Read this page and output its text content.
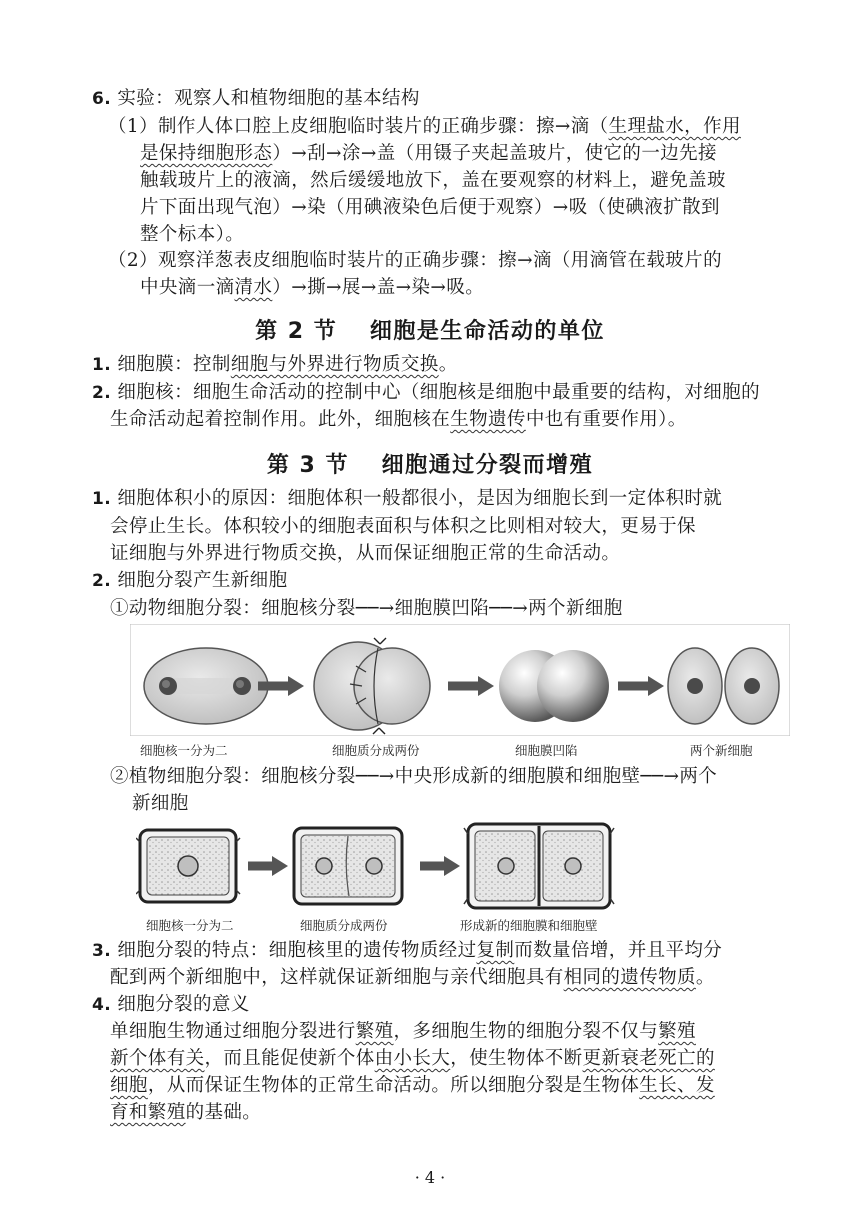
6. 实验：观察人和植物细胞的基本结构
（1）制作人体口腔上皮细胞临时装片的正确步骤：擦→滴（生理盐水，作用
是保持细胞形态）→刮→涂→盖（用镊子夹起盖玻片，使它的一边先接
触载玻片上的液滴，然后缓缓地放下，盖在要观察的材料上，避免盖玻
片下面出现气泡）→染（用碘液染色后便于观察）→吸（使碘液扩散到
整个标本）。
（2）观察洋葱表皮细胞临时装片的正确步骤：擦→滴（用滴管在载玻片的
中央滴一滴清水）→撕→展→盖→染→吸。
第 2 节　 细胞是生命活动的单位
1. 细胞膜：控制细胞与外界进行物质交换。
2. 细胞核：细胞生命活动的控制中心（细胞核是细胞中最重要的结构，对细胞的
生命活动起着控制作用。此外，细胞核在生物遗传中也有重要作用）。
第 3 节　 细胞通过分裂而增殖
1. 细胞体积小的原因：细胞体积一般都很小，是因为细胞长到一定体积时就
会停止生长。体积较小的细胞表面积与体积之比则相对较大，更易于保
证细胞与外界进行物质交换，从而保证细胞正常的生命活动。
2. 细胞分裂产生新细胞
①动物细胞分裂：细胞核分裂──→细胞膜凹陷──→两个新细胞
细胞核一分为二	细胞质分成两份	细胞膜凹陷	两个新细胞
②植物细胞分裂：细胞核分裂──→中央形成新的细胞膜和细胞壁──→两个
新细胞
细胞核一分为二	细胞质分成两份	形成新的细胞膜和细胞壁
3. 细胞分裂的特点：细胞核里的遗传物质经过复制而数量倍增，并且平均分
配到两个新细胞中，这样就保证新细胞与亲代细胞具有相同的遗传物质。
4. 细胞分裂的意义
单细胞生物通过细胞分裂进行繁殖，多细胞生物的细胞分裂不仅与繁殖
新个体有关，而且能促使新个体由小长大，使生物体不断更新衰老死亡的
细胞，从而保证生物体的正常生命活动。所以细胞分裂是生物体生长、发
育和繁殖的基础。
· 4 ·
